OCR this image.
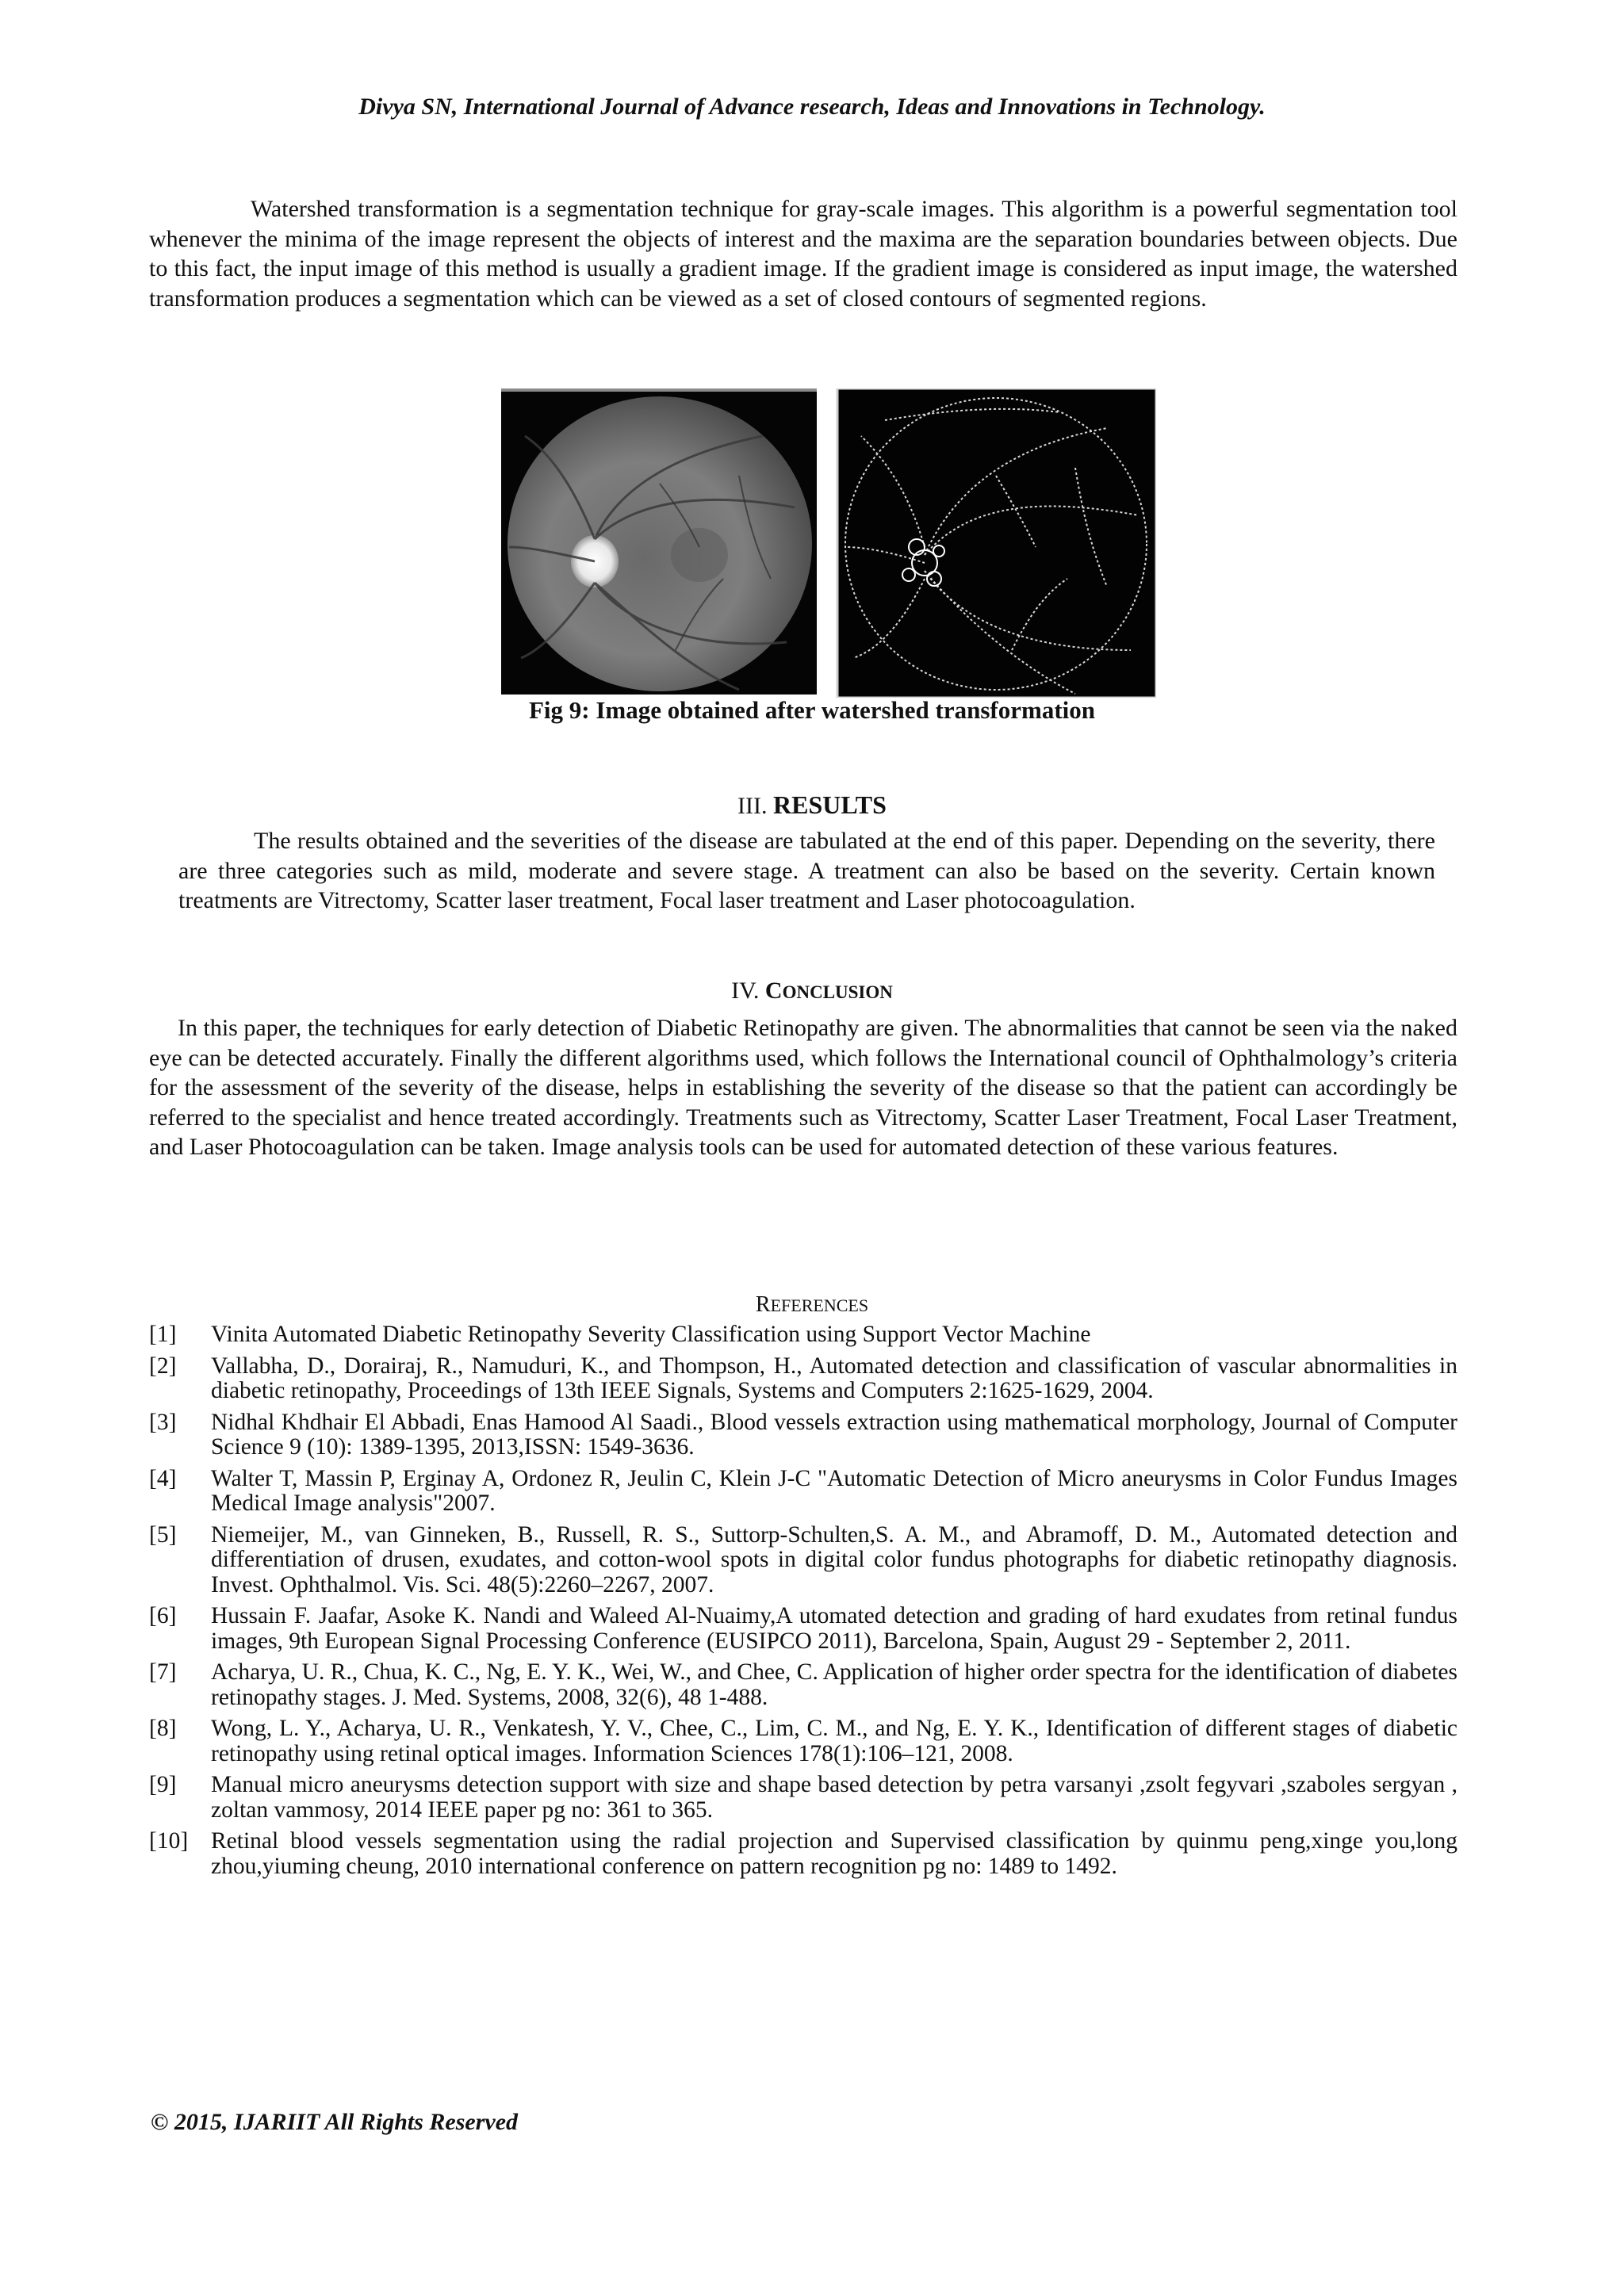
Divya SN, International Journal of Advance research, Ideas and Innovations in Technology.
Watershed transformation is a segmentation technique for gray-scale images. This algorithm is a powerful segmentation tool whenever the minima of the image represent the objects of interest and the maxima are the separation boundaries between objects. Due to this fact, the input image of this method is usually a gradient image. If the gradient image is considered as input image, the watershed transformation produces a segmentation which can be viewed as a set of closed contours of segmented regions.
Fig 9: Image obtained after watershed transformation
III. RESULTS
The results obtained and the severities of the disease are tabulated at the end of this paper. Depending on the severity, there are three categories such as mild, moderate and severe stage. A treatment can also be based on the severity. Certain known treatments are Vitrectomy, Scatter laser treatment, Focal laser treatment and Laser photocoagulation.
IV. CONCLUSION
In this paper, the techniques for early detection of Diabetic Retinopathy are given. The abnormalities that cannot be seen via the naked eye can be detected accurately. Finally the different algorithms used, which follows the International council of Ophthalmology’s criteria for the assessment of the severity of the disease, helps in establishing the severity of the disease so that the patient can accordingly be referred to the specialist and hence treated accordingly. Treatments such as Vitrectomy, Scatter Laser Treatment, Focal Laser Treatment, and Laser Photocoagulation can be taken. Image analysis tools can be used for automated detection of these various features.
REFERENCES
[1]	Vinita Automated Diabetic Retinopathy Severity Classification using Support Vector Machine
[2]	Vallabha, D., Dorairaj, R., Namuduri, K., and Thompson, H., Automated detection and classification of vascular abnormalities in diabetic retinopathy, Proceedings of 13th IEEE Signals, Systems and Computers 2:1625-1629, 2004.
[3]	Nidhal Khdhair El Abbadi, Enas Hamood Al Saadi., Blood vessels extraction using mathematical morphology, Journal of Computer Science 9 (10): 1389-1395, 2013,ISSN: 1549-3636.
[4]	Walter T, Massin P, Erginay A, Ordonez R, Jeulin C, Klein J-C "Automatic Detection of Micro aneurysms in Color Fundus Images Medical Image analysis"2007.
[5]	Niemeijer, M., van Ginneken, B., Russell, R. S., Suttorp-Schulten,S. A. M., and Abramoff, D. M., Automated detection and differentiation of drusen, exudates, and cotton-wool spots in digital color fundus photographs for diabetic retinopathy diagnosis. Invest. Ophthalmol. Vis. Sci. 48(5):2260–2267, 2007.
[6]	Hussain F. Jaafar, Asoke K. Nandi and Waleed Al-Nuaimy,A utomated detection and grading of hard exudates from retinal fundus images, 9th European Signal Processing Conference (EUSIPCO 2011), Barcelona, Spain, August 29 - September 2, 2011.
[7]	Acharya, U. R., Chua, K. C., Ng, E. Y. K., Wei, W., and Chee, C. Application of higher order spectra for the identification of diabetes retinopathy stages. J. Med. Systems, 2008, 32(6), 48 1-488.
[8]	Wong, L. Y., Acharya, U. R., Venkatesh, Y. V., Chee, C., Lim, C. M., and Ng, E. Y. K., Identification of different stages of diabetic retinopathy using retinal optical images. Information Sciences 178(1):106–121, 2008.
[9]	Manual micro aneurysms detection support with size and shape based detection by petra varsanyi ,zsolt fegyvari ,szaboles sergyan , zoltan vammosy, 2014 IEEE paper pg no: 361 to 365.
[10] Retinal blood vessels segmentation using the radial projection and Supervised classification by quinmu peng,xinge you,long zhou,yiuming cheung, 2010 international conference on pattern recognition pg no: 1489 to 1492.
© 2015, IJARIIT All Rights Reserved
